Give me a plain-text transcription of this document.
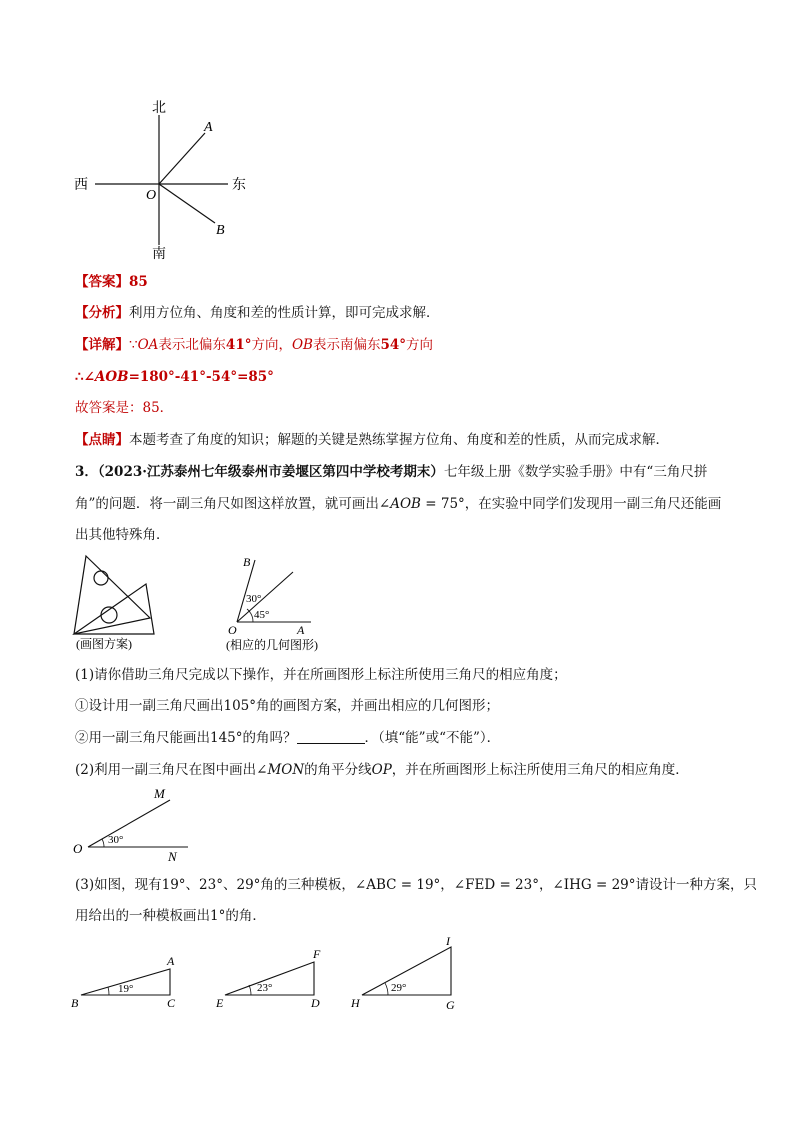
北
南
西	东
O
A
B
【答案】85
【分析】利用方位角、角度和差的性质计算，即可完成求解．
【详解】∵OA表示北偏东41°方向，OB表示南偏东54°方向
∴∠AOB=180°-41°-54°=85°
故答案是：85．
【点睛】本题考查了角度的知识；解题的关键是熟练掌握方位角、角度和差的性质，从而完成求解．
3．（2023·江苏泰州七年级泰州市姜堰区第四中学校考期末）七年级上册《数学实验手册》中有“三角尺拼
角”的问题．将一副三角尺如图这样放置，就可画出∠AOB = 75°，在实验中同学们发现用一副三角尺还能画
出其他特殊角．
(画图方案)
B
30°
45°
O	A
(相应的几何图形)
(1)请你借助三角尺完成以下操作，并在所画图形上标注所使用三角尺的相应角度；
①设计用一副三角尺画出105°角的画图方案，并画出相应的几何图形；
②用一副三角尺能画出145°的角吗？	．（填“能”或“不能”）．
(2)利用一副三角尺在图中画出∠MON的角平分线OP，并在所画图形上标注所使用三角尺的相应角度．
M
30°
O
N
(3)如图，现有19°、23°、29°角的三种模板，∠ABC = 19°，∠FED = 23°，∠IHG = 29°请设计一种方案，只
用给出的一种模板画出1°的角．
19°
B	C
A
23°
E	D
F
29°
H	G
I
